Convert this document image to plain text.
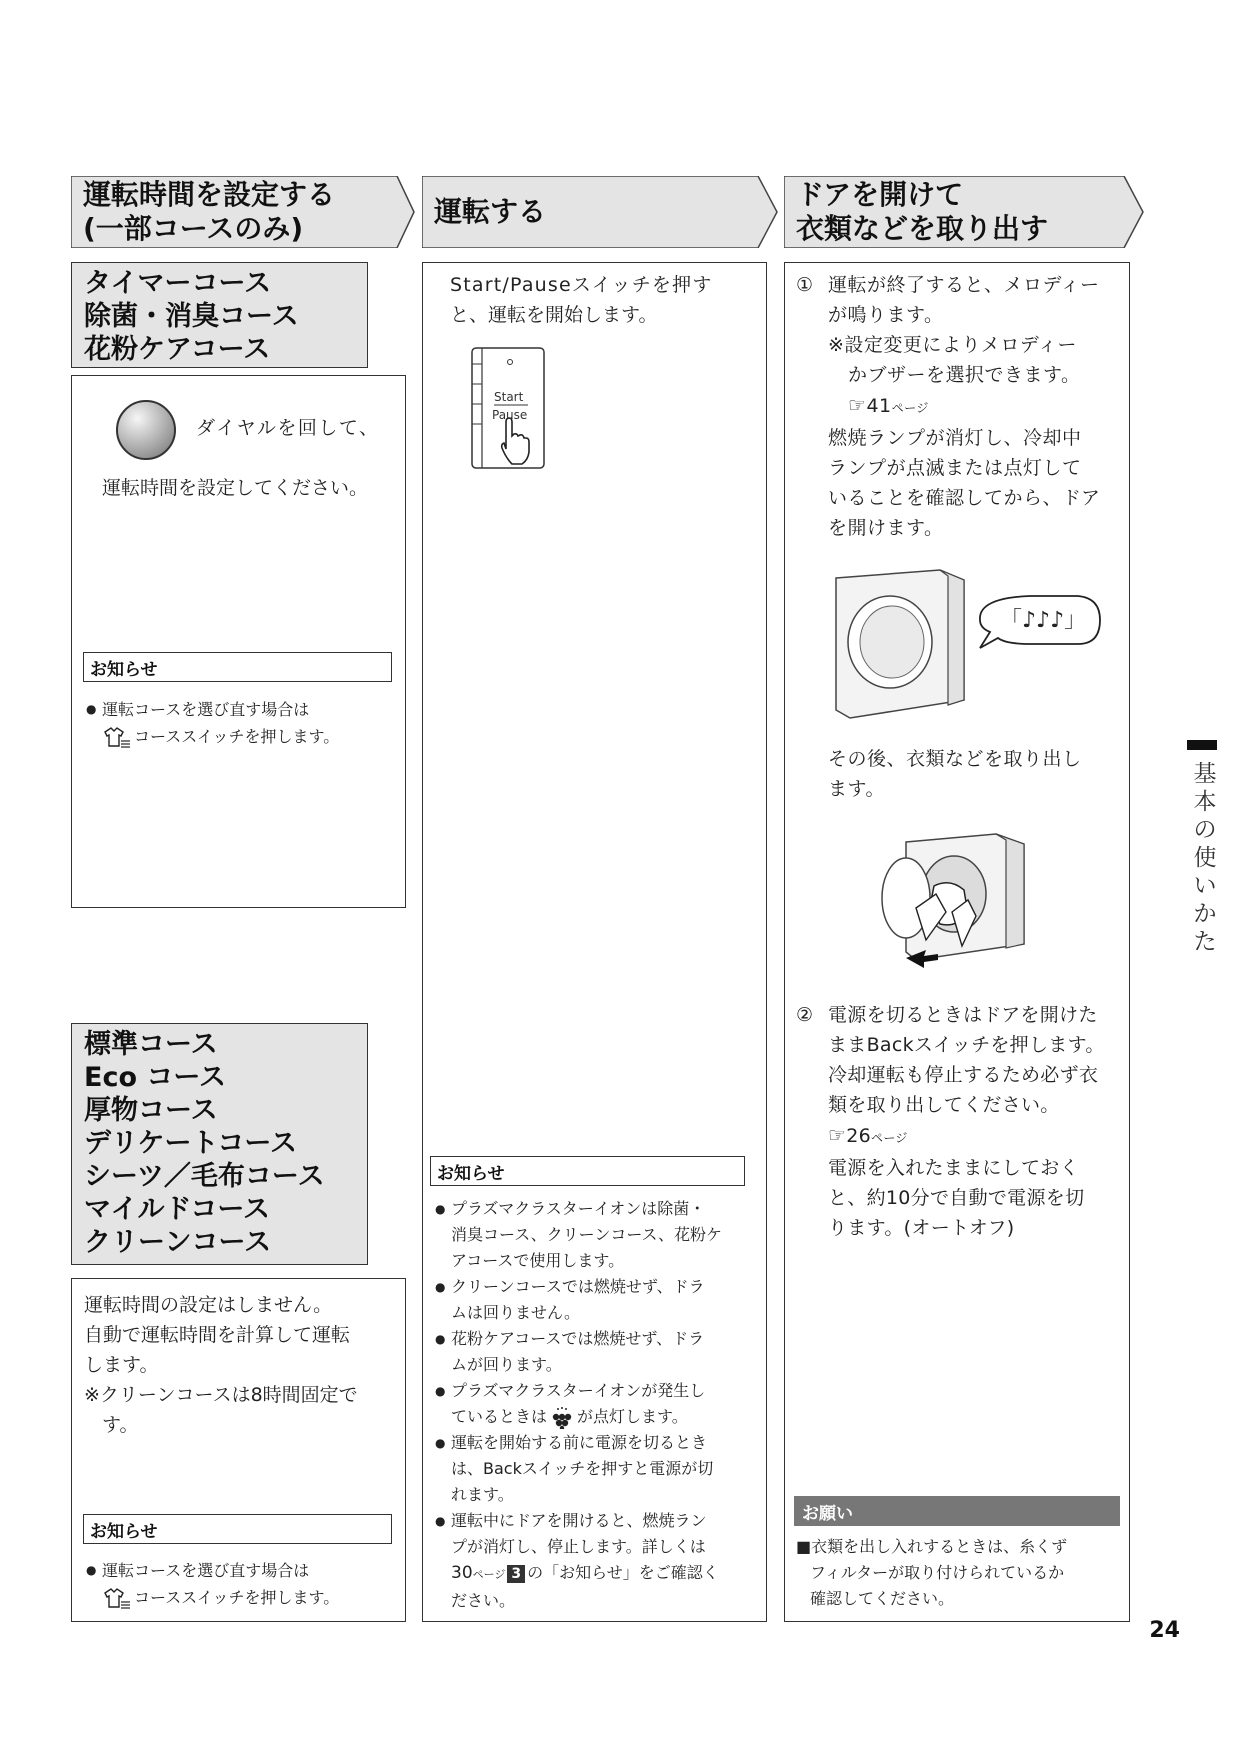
運転時間を設定する
(一部コースのみ)
運転する
ドアを開けて
衣類などを取り出す
タイマーコース
除菌・消臭コース
花粉ケアコース
ダイヤルを回して、
運転時間を設定してください。
お知らせ
● 運転コースを選び直す場合は
コーススイッチを押します。
標準コース
Eco コース
厚物コース
デリケートコース
シーツ／毛布コース
マイルドコース
クリーンコース
運転時間の設定はしません。
自動で運転時間を計算して運転
します。
※クリーンコースは8時間固定で
す。
お知らせ
● 運転コースを選び直す場合は
コーススイッチを押します。
Start/Pauseスイッチを押す
と、運転を開始します。
Start
Pause
お知らせ
● プラズマクラスターイオンは除菌・
消臭コース、クリーンコース、花粉ケ
アコースで使用します。
● クリーンコースでは燃焼せず、ドラ
ムは回りません。
● 花粉ケアコースでは燃焼せず、ドラ
ムが回ります。
● プラズマクラスターイオンが発生し
ているときは が点灯します。
● 運転を開始する前に電源を切るとき
は、Backスイッチを押すと電源が切
れます。
● 運転中にドアを開けると、燃焼ラン
プが消灯し、停止します。詳しくは
30ページ 3 の「お知らせ」をご確認く
ださい。
① 運転が終了すると、メロディー
が鳴ります。
※設定変更によりメロディー
かブザーを選択できます。
☞41ページ
燃焼ランプが消灯し、冷却中
ランプが点滅または点灯して
いることを確認してから、ドア
を開けます。
「♪♪♪」
その後、衣類などを取り出し
ます。
② 電源を切るときはドアを開けた
ままBackスイッチを押します。
冷却運転も停止するため必ず衣
類を取り出してください。
☞26ページ
電源を入れたままにしておく
と、約10分で自動で電源を切
ります。(オートオフ)
お願い
■衣類を出し入れするときは、糸くず
フィルターが取り付けられているか
確認してください。
基
本
の
使
い
か
た
24
